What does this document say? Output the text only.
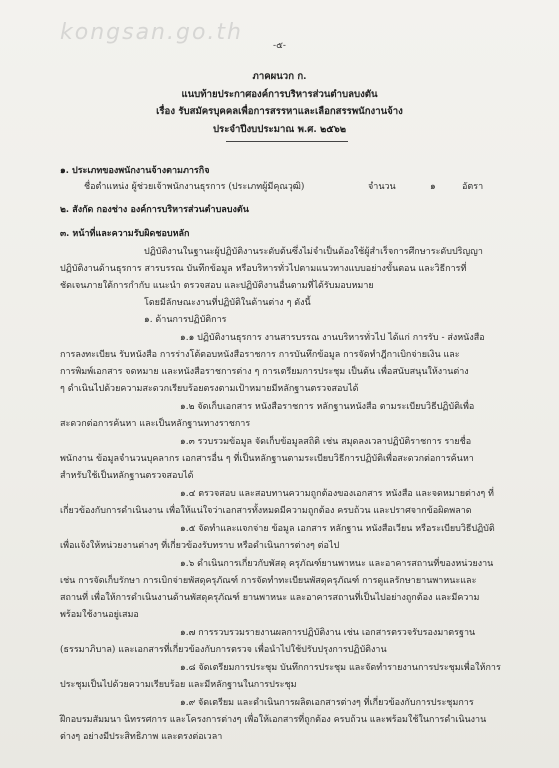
kongsan.go.th
-๕-
ภาคผนวก ก.
แนบท้ายประกาศองค์การบริหารส่วนตำบลบงตัน
เรื่อง รับสมัครบุคคลเพื่อการสรรหาและเลือกสรรพนักงานจ้าง
ประจำปีงบประมาณ พ.ศ. ๒๕๖๒
๑. ประเภทของพนักงานจ้างตามภารกิจ
ชื่อตำแหน่ง ผู้ช่วยเจ้าพนักงานธุรการ (ประเภทผู้มีคุณวุฒิ)	จำนวน	๑	อัตรา
๒. สังกัด กองช่าง องค์การบริหารส่วนตำบลบงตัน
๓. หน้าที่และความรับผิดชอบหลัก
ปฏิบัติงานในฐานะผู้ปฏิบัติงานระดับต้นซึ่งไม่จำเป็นต้องใช้ผู้สำเร็จการศึกษาระดับปริญญา
ปฏิบัติงานด้านธุรการ สารบรรณ บันทึกข้อมูล หรือบริหารทั่วไปตามแนวทางแบบอย่างขั้นตอน และวิธีการที่
ชัดเจนภายใต้การกำกับ แนะนำ ตรวจสอบ และปฏิบัติงานอื่นตามที่ได้รับมอบหมาย
โดยมีลักษณะงานที่ปฏิบัติในด้านต่าง ๆ ดังนี้
๑. ด้านการปฏิบัติการ
๑.๑ ปฏิบัติงานธุรการ งานสารบรรณ งานบริหารทั่วไป ได้แก่ การรับ - ส่งหนังสือ
การลงทะเบียน รับหนังสือ การร่างโต้ตอบหนังสือราชการ การบันทึกข้อมูล การจัดทำฎีกาเบิกจ่ายเงิน และ
การพิมพ์เอกสาร จดหมาย และหนังสือราชการต่าง ๆ การเตรียมการประชุม เป็นต้น เพื่อสนับสนุนให้งานต่าง
ๆ ดำเนินไปด้วยความสะดวกเรียบร้อยตรงตามเป้าหมายมีหลักฐานตรวจสอบได้
๑.๒ จัดเก็บเอกสาร หนังสือราชการ หลักฐานหนังสือ ตามระเบียบวิธีปฏิบัติเพื่อ
สะดวกต่อการค้นหา และเป็นหลักฐานทางราชการ
๑.๓ รวบรวมข้อมูล จัดเก็บข้อมูลสถิติ เช่น สมุดลงเวลาปฏิบัติราชการ รายชื่อ
พนักงาน ข้อมูลจำนวนบุคลากร เอกสารอื่น ๆ ที่เป็นหลักฐานตามระเบียบวิธีการปฏิบัติเพื่อสะดวกต่อการค้นหา
สำหรับใช้เป็นหลักฐานตรวจสอบได้
๑.๔ ตรวจสอบ และสอบทานความถูกต้องของเอกสาร หนังสือ และจดหมายต่างๆ ที่
เกี่ยวข้องกับการดำเนินงาน เพื่อให้แน่ใจว่าเอกสารทั้งหมดมีความถูกต้อง ครบถ้วน และปราศจากข้อผิดพลาด
๑.๕ จัดทำและแจกจ่าย ข้อมูล เอกสาร หลักฐาน หนังสือเวียน หรือระเบียบวิธีปฏิบัติ
เพื่อแจ้งให้หน่วยงานต่างๆ ที่เกี่ยวข้องรับทราบ หรือดำเนินการต่างๆ ต่อไป
๑.๖ ดำเนินการเกี่ยวกับพัสดุ ครุภัณฑ์ยานพาหนะ และอาคารสถานที่ของหน่วยงาน
เช่น การจัดเก็บรักษา การเบิกจ่ายพัสดุครุภัณฑ์ การจัดทำทะเบียนพัสดุครุภัณฑ์ การดูแลรักษายานพาหนะและ
สถานที่ เพื่อให้การดำเนินงานด้านพัสดุครุภัณฑ์ ยานพาหนะ และอาคารสถานที่เป็นไปอย่างถูกต้อง และมีความ
พร้อมใช้งานอยู่เสมอ
๑.๗ การรวบรวมรายงานผลการปฏิบัติงาน เช่น เอกสารตรวจรับรองมาตรฐาน
(ธรรมาภิบาล) และเอกสารที่เกี่ยวข้องกับการตรวจ เพื่อนำไปใช้ปรับปรุงการปฏิบัติงาน
๑.๘ จัดเตรียมการประชุม บันทึกการประชุม และจัดทำรายงานการประชุมเพื่อให้การ
ประชุมเป็นไปด้วยความเรียบร้อย และมีหลักฐานในการประชุม
๑.๙ จัดเตรียม และดำเนินการผลิตเอกสารต่างๆ ที่เกี่ยวข้องกับการประชุมการ
ฝึกอบรมสัมมนา นิทรรศการ และโครงการต่างๆ เพื่อให้เอกสารที่ถูกต้อง ครบถ้วน และพร้อมใช้ในการดำเนินงาน
ต่างๆ อย่างมีประสิทธิภาพ และตรงต่อเวลา
